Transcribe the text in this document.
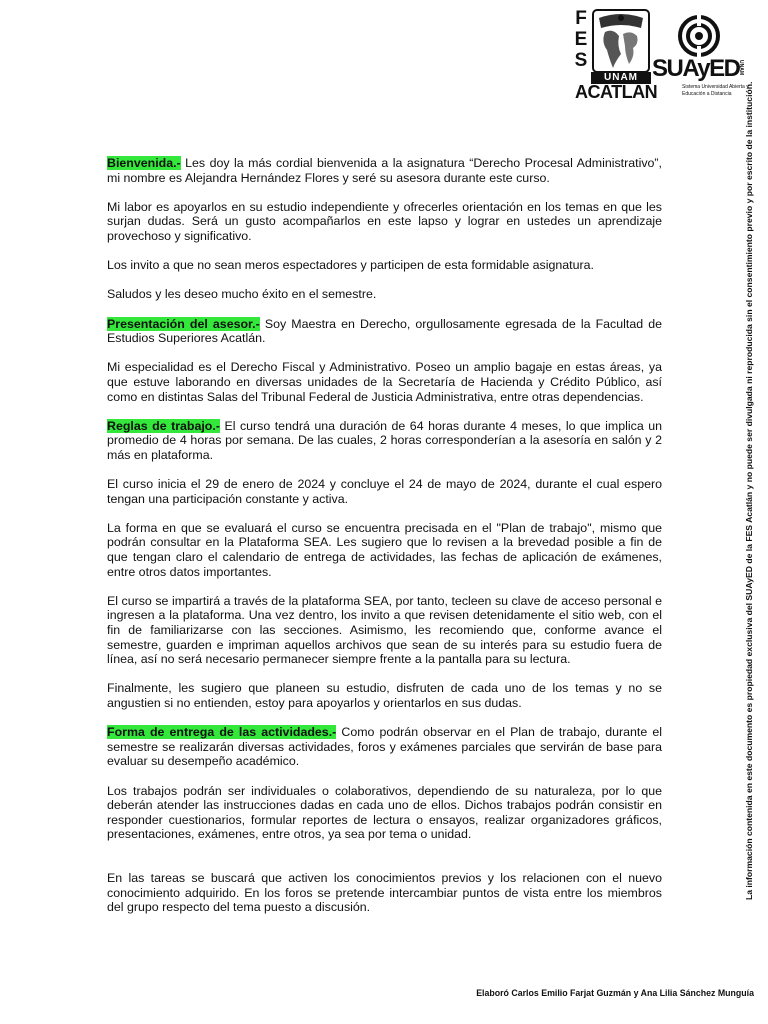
F
E
S
UNAM
ACATLÁN
SUAyED
UNAM
Sistema Universidad Abierta y
Educación a Distancia

Bienvenida.- Les doy la más cordial bienvenida a la asignatura “Derecho Procesal Administrativo”, mi nombre es Alejandra Hernández Flores y seré su asesora durante este curso.

Mi labor es apoyarlos en su estudio independiente y ofrecerles orientación en los temas en que les surjan dudas. Será un gusto acompañarlos en este lapso y lograr en ustedes un aprendizaje provechoso y significativo.

Los invito a que no sean meros espectadores y participen de esta formidable asignatura.

Saludos y les deseo mucho éxito en el semestre.

Presentación del asesor.- Soy Maestra en Derecho, orgullosamente egresada de la Facultad de Estudios Superiores Acatlán.

Mi especialidad es el Derecho Fiscal y Administrativo. Poseo un amplio bagaje en estas áreas, ya que estuve laborando en diversas unidades de la Secretaría de Hacienda y Crédito Público, así como en distintas Salas del Tribunal Federal de Justicia Administrativa, entre otras dependencias.

Reglas de trabajo.- El curso tendrá una duración de 64 horas durante 4 meses, lo que implica un promedio de 4 horas por semana. De las cuales, 2 horas corresponderían a la asesoría en salón y 2 más en plataforma.

El curso inicia el 29 de enero de 2024 y concluye el 24 de mayo de 2024, durante el cual espero tengan una participación constante y activa.

La forma en que se evaluará el curso se encuentra precisada en el "Plan de trabajo", mismo que podrán consultar en la Plataforma SEA. Les sugiero que lo revisen a la brevedad posible a fin de que tengan claro el calendario de entrega de actividades, las fechas de aplicación de exámenes, entre otros datos importantes.

El curso se impartirá a través de la plataforma SEA, por tanto, tecleen su clave de acceso personal e ingresen a la plataforma. Una vez dentro, los invito a que revisen detenidamente el sitio web, con el fin de familiarizarse con las secciones. Asimismo, les recomiendo que, conforme avance el semestre, guarden e impriman aquellos archivos que sean de su interés para su estudio fuera de línea, así no será necesario permanecer siempre frente a la pantalla para su lectura.

Finalmente, les sugiero que planeen su estudio, disfruten de cada uno de los temas y no se angustien si no entienden, estoy para apoyarlos y orientarlos en sus dudas.

Forma de entrega de las actividades.- Como podrán observar en el Plan de trabajo, durante el semestre se realizarán diversas actividades, foros y exámenes parciales que servirán de base para evaluar su desempeño académico.

Los trabajos podrán ser individuales o colaborativos, dependiendo de su naturaleza, por lo que deberán atender las instrucciones dadas en cada uno de ellos. Dichos trabajos podrán consistir en responder cuestionarios, formular reportes de lectura o ensayos, realizar organizadores gráficos, presentaciones, exámenes, entre otros, ya sea por tema o unidad.

En las tareas se buscará que activen los conocimientos previos y los relacionen con el nuevo conocimiento adquirido. En los foros se pretende intercambiar puntos de vista entre los miembros del grupo respecto del tema puesto a discusión.

La información contenida en este documento es propiedad exclusiva del SUAyED de la FES Acatlán y no puede ser divulgada ni reproducida sin el consentimiento previo y por escrito de la institución.
Elaboró Carlos Emilio Farjat Guzmán y Ana Lilia Sánchez Munguía
